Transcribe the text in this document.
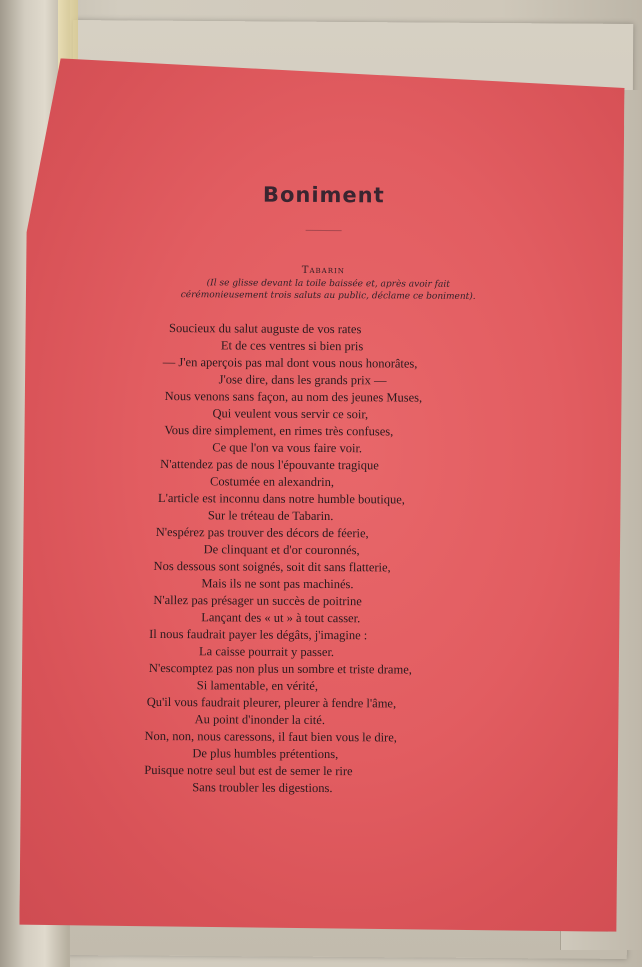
Boniment
Tabarin
(Il se glisse devant la toile baissée et, après avoir fait cérémonieusement trois saluts au public, déclame ce boniment).
Soucieux du salut auguste de vos rates
Et de ces ventres si bien pris
— J'en aperçois pas mal dont vous nous honorâtes,
J'ose dire, dans les grands prix —
Nous venons sans façon, au nom des jeunes Muses,
Qui veulent vous servir ce soir,
Vous dire simplement, en rimes très confuses,
Ce que l'on va vous faire voir.
N'attendez pas de nous l'épouvante tragique
Costumée en alexandrin,
L'article est inconnu dans notre humble boutique,
Sur le tréteau de Tabarin.
N'espérez pas trouver des décors de féerie,
De clinquant et d'or couronnés,
Nos dessous sont soignés, soit dit sans flatterie,
Mais ils ne sont pas machinés.
N'allez pas présager un succès de poitrine
Lançant des « ut » à tout casser.
Il nous faudrait payer les dégâts, j'imagine :
La caisse pourrait y passer.
N'escomptez pas non plus un sombre et triste drame,
Si lamentable, en vérité,
Qu'il vous faudrait pleurer, pleurer à fendre l'âme,
Au point d'inonder la cité.
Non, non, nous caressons, il faut bien vous le dire,
De plus humbles prétentions,
Puisque notre seul but est de semer le rire
Sans troubler les digestions.
